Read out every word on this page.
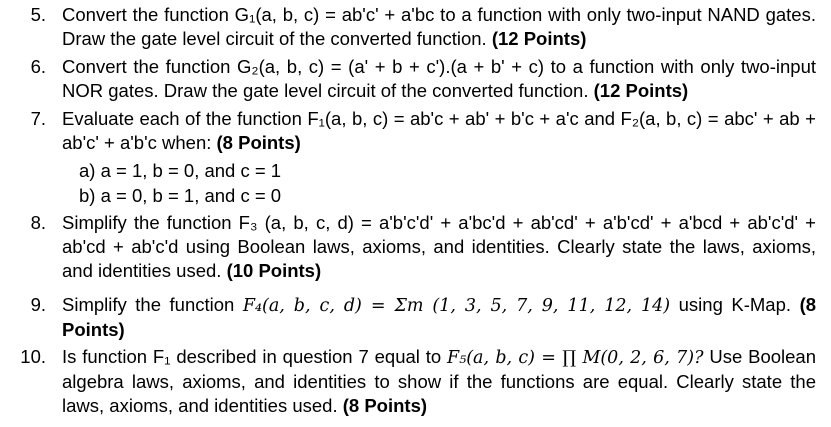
5. Convert the function G₁(a, b, c) = ab'c' + a'bc to a function with only two-input NAND gates. Draw the gate level circuit of the converted function. (12 Points)
6. Convert the function G₂(a, b, c) = (a' + b + c').(a + b' + c) to a function with only two-input NOR gates. Draw the gate level circuit of the converted function. (12 Points)
7. Evaluate each of the function F₁(a, b, c) = ab'c + ab' + b'c + a'c and F₂(a, b, c) = abc' + ab + ab'c' + a'b'c when: (8 Points)
a) a = 1, b = 0, and c = 1
b) a = 0, b = 1, and c = 0
8. Simplify the function F₃ (a, b, c, d) = a'b'c'd' + a'bc'd + ab'cd' + a'b'cd' + a'bcd + ab'c'd' + ab'cd + ab'c'd using Boolean laws, axioms, and identities. Clearly state the laws, axioms, and identities used. (10 Points)
9. Simplify the function F₄(a, b, c, d) = Σm (1, 3, 5, 7, 9, 11, 12, 14) using K-Map. (8 Points)
10. Is function F₁ described in question 7 equal to F₅(a, b, c) = ∏ M(0, 2, 6, 7)? Use Boolean algebra laws, axioms, and identities to show if the functions are equal. Clearly state the laws, axioms, and identities used. (8 Points)
